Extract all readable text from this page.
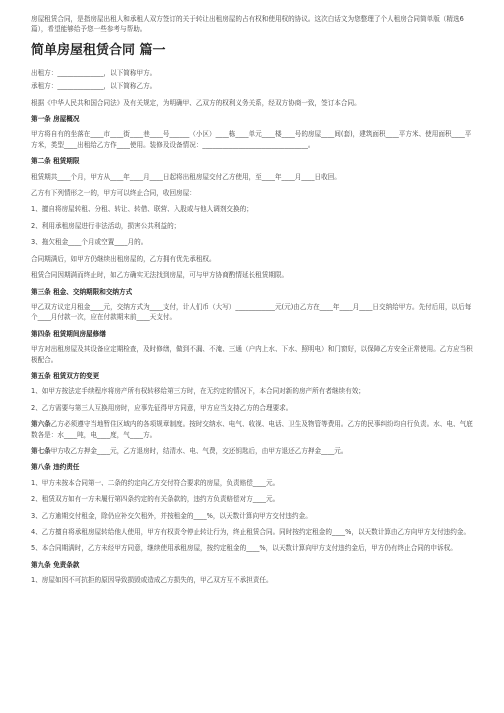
房屋租赁合同，是指房屋出租人和承租人双方签订的关于转让出租房屋的占有权和使用权的协议。这次白话文为您整理了个人租房合同简单版（精选6篇），希望能够给予您一些参考与帮助。

简单房屋租赁合同 篇一

出租方：______________，以下简称甲方。

承租方：______________，以下简称乙方。

根据《中华人民共和国合同法》及有关规定，为明确甲、乙双方的权利义务关系，经双方协商一致，签订本合同。

第一条 房屋概况

甲方将自有的坐落在____市____街____巷____号______（小区）____栋____单元____楼____号的房屋____间(套)，建筑面积____平方米、使用面积____平方米，类型____出租给乙方作____使用。装修及设备情况：________________________________。

第二条 租赁期限

租赁期共____个月，甲方从____年____月____日起将出租房屋交付乙方使用，至____年____月____日收回。

乙方有下列情形之一的，甲方可以终止合同，收回房屋：

1、擅自将房屋转租、分租、转让、转借、联营、入股或与他人调剂交换的；

2、利用承租房屋进行非法活动，损害公共利益的；

3、拖欠租金____个月或空置____月的。

合同期满后，如甲方仍继续出租房屋的，乙方拥有优先承租权。

租赁合同因期满而终止时，如乙方确实无法找到房屋，可与甲方协商酌情延长租赁期限。

第三条 租金、交纳期限和交纳方式

甲乙双方议定月租金____元，交纳方式为____支付，计人们币（大写）____________元(元)由乙方在____年____月____日交纳给甲方。先付后用，以后每个____月付款一次，应在付款期末前____天支付。

第四条 租赁期间房屋修缮

甲方对出租房屋及其设备应定期检查，及时修缮，做到不漏、不淹、三通（户内上水、下水、照明电）和门窗好，以保障乙方安全正常使用。乙方应当积极配合。

第五条 租赁双方的变更

1、如甲方按法定手续程序将房产所有权转移给第三方时，在无约定的情况下，本合同对新的房产所有者继续有效；

2、乙方需要与第三人互换用房时，应事先征得甲方同意，甲方应当支持乙方的合理要求。

第六条乙方必须遵守当地暂住区域内的各项规章制度。按时交纳水、电气、收视、电话、卫生及物管等费用。乙方的民事纠纷均自行负责。水、电、气底数各是：水____吨，电____度，气____方。

第七条甲方收乙方押金____元，乙方退房时，结清水、电、气费，交还钥匙后，由甲方退还乙方押金____元。

第八条 违约责任

1、甲方未按本合同第一、二条的约定向乙方交付符合要求的房屋，负责赔偿____元。

2、租赁双方如有一方未履行第四条约定的有关条款的，违约方负责赔偿对方____元。

3、乙方逾期交付租金，除仍应补交欠租外，并按租金的____%，以天数计算向甲方交付违约金。

4、乙方擅自将承租房屋转给他人使用，甲方有权责令停止转让行为，终止租赁合同。同时按约定租金的____%，以天数计算由乙方向甲方支付违约金。

5、本合同期满时，乙方未经甲方同意，继续使用承租房屋，按约定租金的____%，以天数计算向甲方支付违约金后，甲方仍有终止合同的申诉权。

第九条 免责条款

1、房屋如因不可抗拒的原因导致损毁或造成乙方损失的，甲乙双方互不承担责任。
